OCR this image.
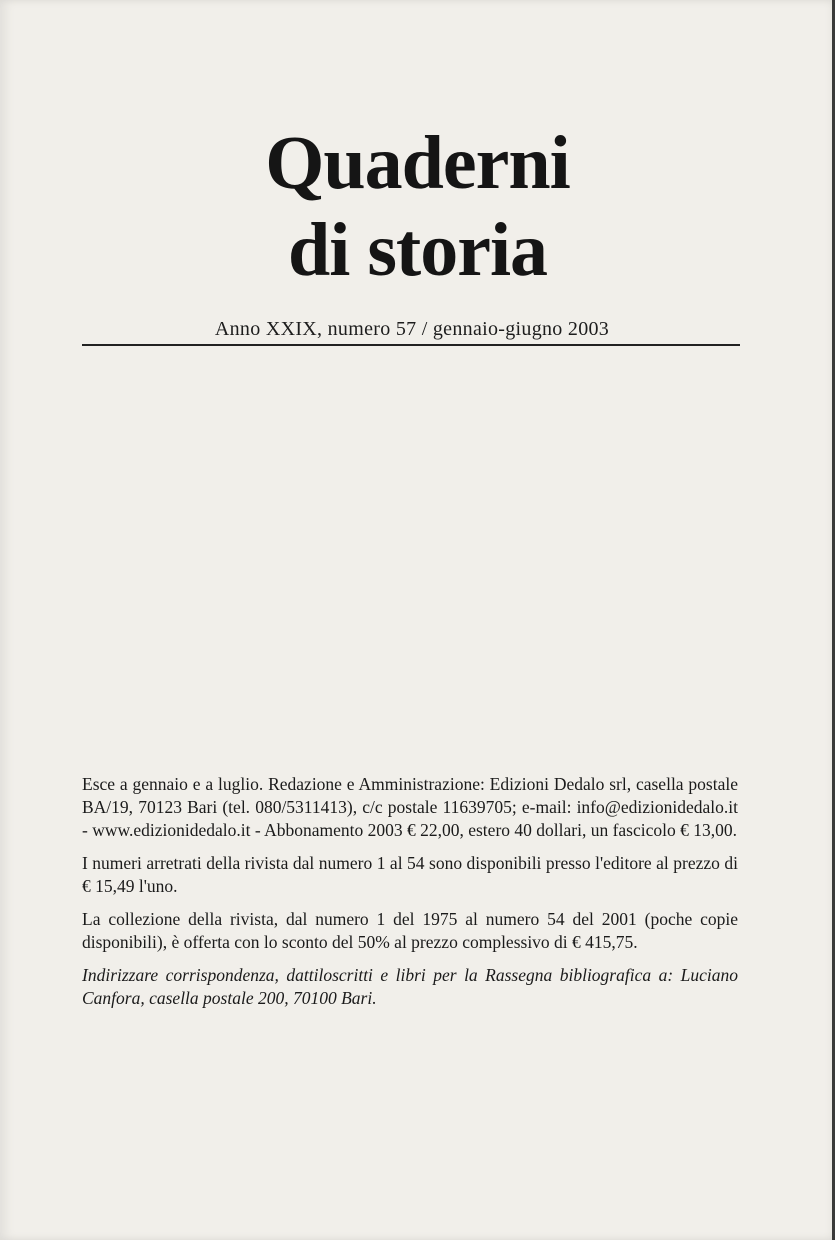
Quaderni
di storia
Anno XXIX, numero 57 / gennaio-giugno 2003

Esce a gennaio e a luglio. Redazione e Amministrazione: Edizioni Dedalo srl, casella postale BA/19, 70123 Bari (tel. 080/5311413), c/c postale 11639705; e-mail: info@edizionidedalo.it - www.edizionidedalo.it - Abbonamento 2003 € 22,00, estero 40 dollari, un fascicolo € 13,00.

I numeri arretrati della rivista dal numero 1 al 54 sono disponibili presso l'editore al prezzo di € 15,49 l'uno.

La collezione della rivista, dal numero 1 del 1975 al numero 54 del 2001 (poche copie disponibili), è offerta con lo sconto del 50% al prezzo complessivo di € 415,75.

Indirizzare corrispondenza, dattiloscritti e libri per la Rassegna bibliografica a: Luciano Canfora, casella postale 200, 70100 Bari.
